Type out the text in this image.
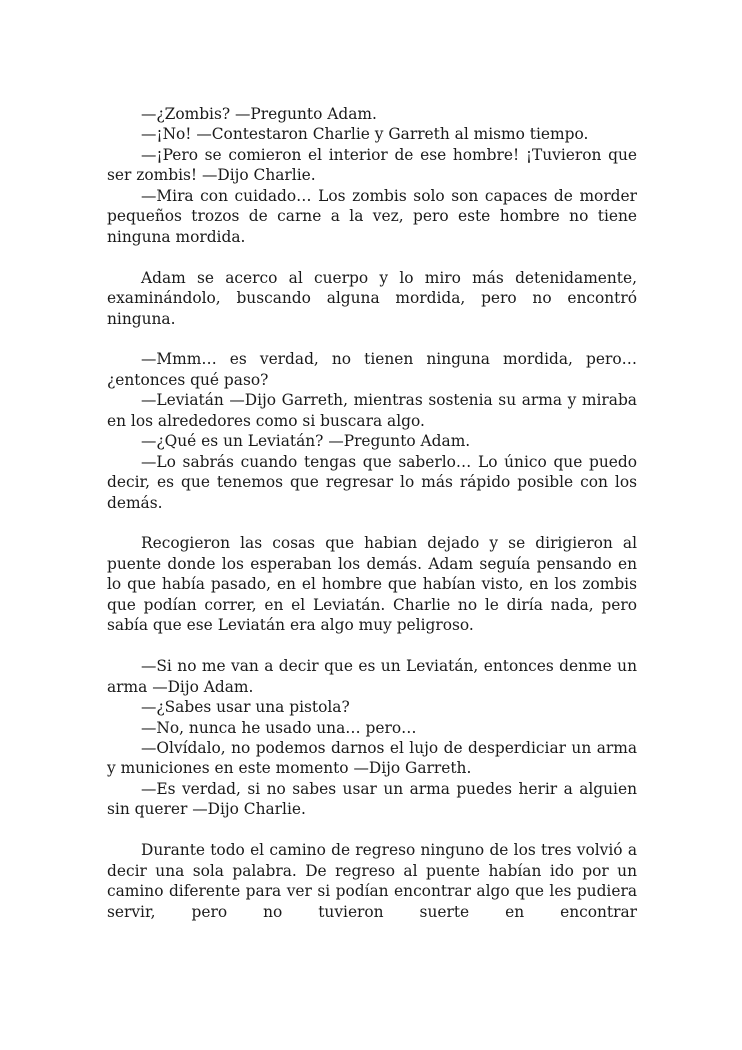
—¿Zombis? —Pregunto Adam.

—¡No! —Contestaron Charlie y Garreth al mismo tiempo.

—¡Pero se comieron el interior de ese hombre! ¡Tuvieron que ser zombis! —Dijo Charlie.

—Mira con cuidado… Los zombis solo son capaces de morder pequeños trozos de carne a la vez, pero este hombre no tiene ninguna mordida.

Adam se acerco al cuerpo y lo miro más detenidamente, examinándolo, buscando alguna mordida, pero no encontró ninguna.

—Mmm… es verdad, no tienen ninguna mordida, pero… ¿entonces qué paso?

—Leviatán —Dijo Garreth, mientras sostenia su arma y miraba en los alrededores como si buscara algo.

—¿Qué es un Leviatán? —Pregunto Adam.

—Lo sabrás cuando tengas que saberlo… Lo único que puedo decir, es que tenemos que regresar lo más rápido posible con los demás.

Recogieron las cosas que habian dejado y se dirigieron al puente donde los esperaban los demás. Adam seguía pensando en lo que había pasado, en el hombre que habían visto, en los zombis que podían correr, en el Leviatán. Charlie no le diría nada, pero sabía que ese Leviatán era algo muy peligroso.

—Si no me van a decir que es un Leviatán, entonces denme un arma —Dijo Adam.

—¿Sabes usar una pistola?

—No, nunca he usado una… pero…

—Olvídalo, no podemos darnos el lujo de desperdiciar un arma y municiones en este momento —Dijo Garreth.

—Es verdad, si no sabes usar un arma puedes herir a alguien sin querer —Dijo Charlie.

Durante todo el camino de regreso ninguno de los tres volvió a decir una sola palabra. De regreso al puente habían ido por un camino diferente para ver si podían encontrar algo que les pudiera servir, pero no tuvieron suerte en encontrar
